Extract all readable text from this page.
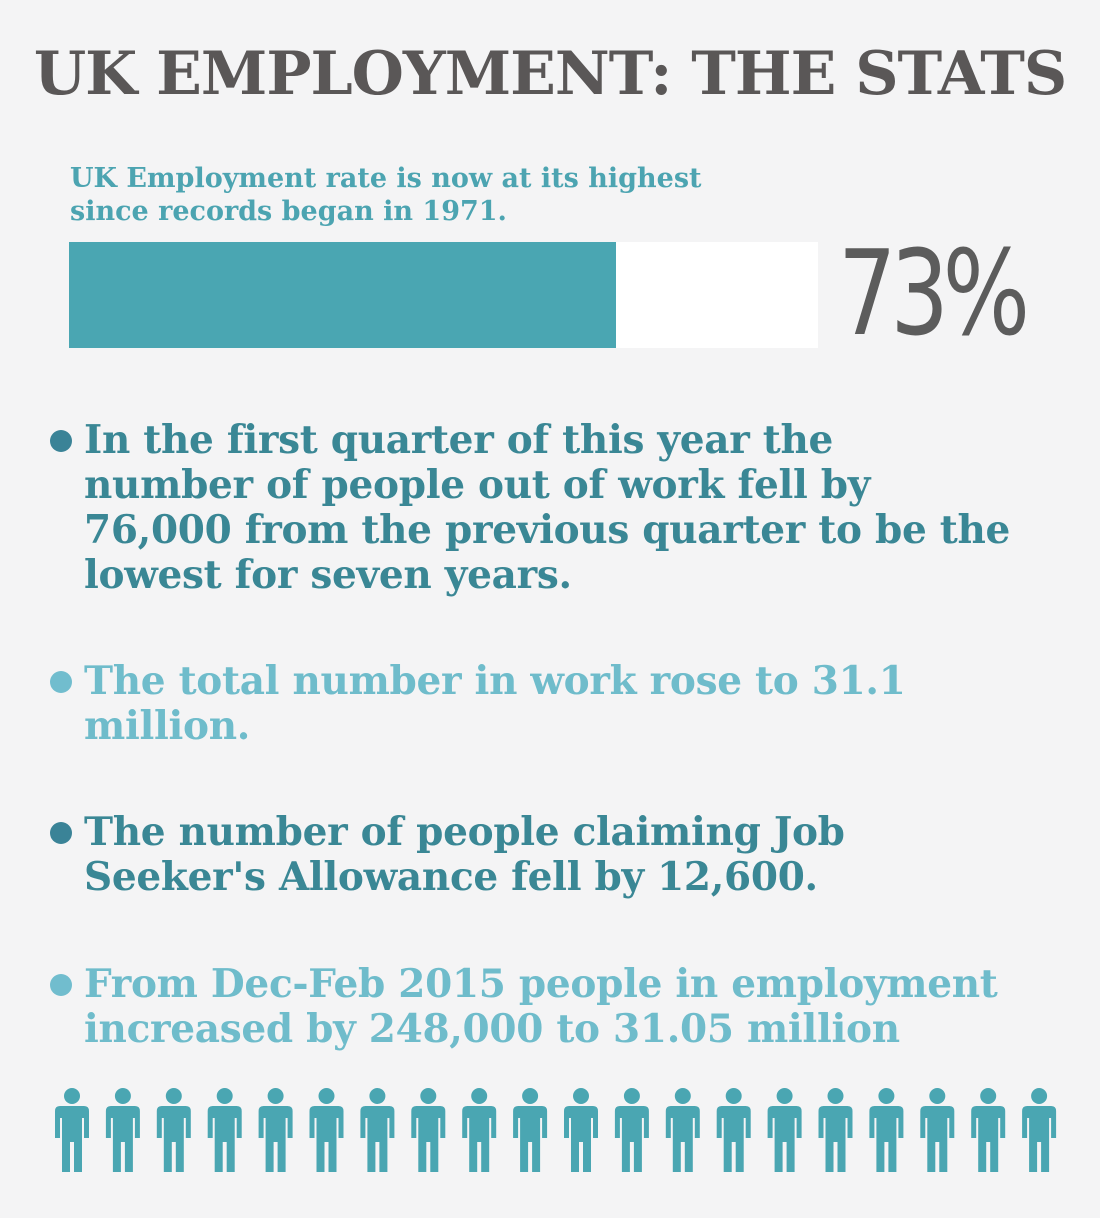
UK EMPLOYMENT: THE STATS
UK Employment rate is now at its highest
since records began in 1971.
73%
In the first quarter of this year the
number of people out of work fell by
76,000 from the previous quarter to be the
lowest for seven years.
The total number in work rose to 31.1
million.
The number of people claiming Job
Seeker's Allowance fell by 12,600.
From Dec-Feb 2015 people in employment
increased by 248,000 to 31.05 million
